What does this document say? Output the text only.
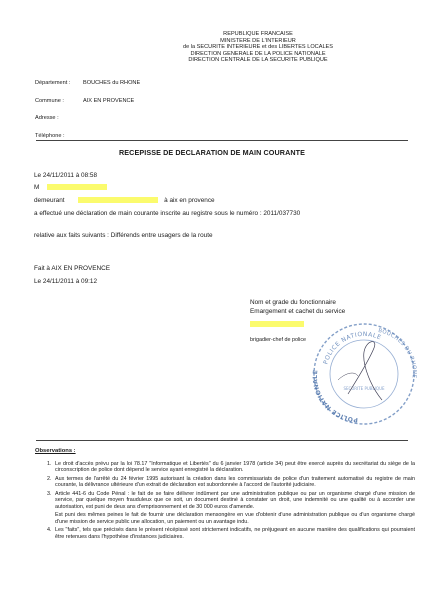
REPUBLIQUE FRANCAISE
MINISTERE DE L'INTERIEUR
de la SECURITE INTERIEURE et des LIBERTES LOCALES
DIRECTION GENERALE DE LA POLICE NATIONALE
DIRECTION CENTRALE DE LA SECURITE PUBLIQUE
Département :	BOUCHES du RHONE
Commune :	AIX EN PROVENCE
Adresse :
Téléphone :
RECEPISSE DE DECLARATION DE MAIN COURANTE
Le 24/11/2011 à 08:58
M
demeurant	à aix en provence
a effectué une déclaration de main courante inscrite au registre sous le numéro : 2011/037730
relative aux faits suivants : Différends entre usagers de la route
Fait à AIX EN PROVENCE
Le 24/11/2011 à 09:12
Nom et grade du fonctionnaire
Emargement et cachet du service
brigadier-chef de police
POLICE NATIONALE
POLICE NATIONALE
BOUCHES DU RHONE
SECURITE PUBLIQUE
Observations :
1. Le droit d'accès prévu par la loi 78.17 "Informatique et Libertés" du 6 janvier 1978 (article 34) peut être exercé auprès du secrétariat du siège de la circonscription de police dont dépend le service ayant enregistré la déclaration.
2. Aux termes de l'arrêté du 24 février 1995 autorisant la création dans les commissariats de police d'un traitement automatisé du registre de main courante, la délivrance ultérieure d'un extrait de déclaration est subordonnée à l'accord de l'autorité judiciaire.

3. Article 441-6 du Code Pénal : le fait de se faire délivrer indûment par une administration publique ou par un organisme chargé d'une mission de service, par quelque moyen frauduleux que ce soit, un document destiné à constater un droit, une indemnité ou une qualité ou à accorder une autorisation, est puni de deux ans d'emprisonnement et de 30 000 euros d'amende.

Est puni des mêmes peines le fait de fournir une déclaration mensongère en vue d'obtenir d'une administration publique ou d'un organisme chargé d'une mission de service public une allocation, un paiement ou un avantage indu.

4. Les "faits", tels que précisés dans le présent récépissé sont strictement indicatifs, ne préjugeant en aucune manière des qualifications qui pourraient être retenues dans l'hypothèse d'instances judiciaires.
